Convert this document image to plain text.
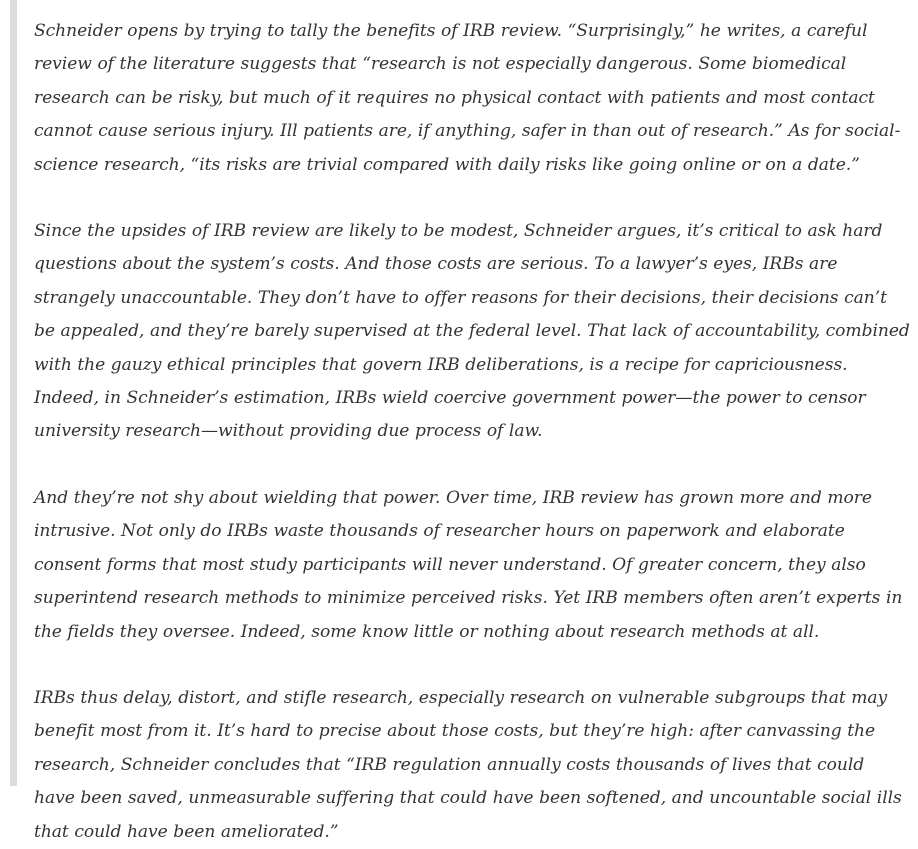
Schneider opens by trying to tally the benefits of IRB review. “Surprisingly,” he writes, a careful review of the literature suggests that “research is not especially dangerous. Some biomedical research can be risky, but much of it requires no physical contact with patients and most contact cannot cause serious injury. Ill patients are, if anything, safer in than out of research.” As for social-science research, “its risks are trivial compared with daily risks like going online or on a date.”

Since the upsides of IRB review are likely to be modest, Schneider argues, it’s critical to ask hard questions about the system’s costs. And those costs are serious. To a lawyer’s eyes, IRBs are strangely unaccountable. They don’t have to offer reasons for their decisions, their decisions can’t be appealed, and they’re barely supervised at the federal level. That lack of accountability, combined with the gauzy ethical principles that govern IRB deliberations, is a recipe for capriciousness. Indeed, in Schneider’s estimation, IRBs wield coercive government power—the power to censor university research—without providing due process of law.

And they’re not shy about wielding that power. Over time, IRB review has grown more and more intrusive. Not only do IRBs waste thousands of researcher hours on paperwork and elaborate consent forms that most study participants will never understand. Of greater concern, they also superintend research methods to minimize perceived risks. Yet IRB members often aren’t experts in the fields they oversee. Indeed, some know little or nothing about research methods at all.

IRBs thus delay, distort, and stifle research, especially research on vulnerable subgroups that may benefit most from it. It’s hard to precise about those costs, but they’re high: after canvassing the research, Schneider concludes that “IRB regulation annually costs thousands of lives that could have been saved, unmeasurable suffering that could have been softened, and uncountable social ills that could have been ameliorated.”
